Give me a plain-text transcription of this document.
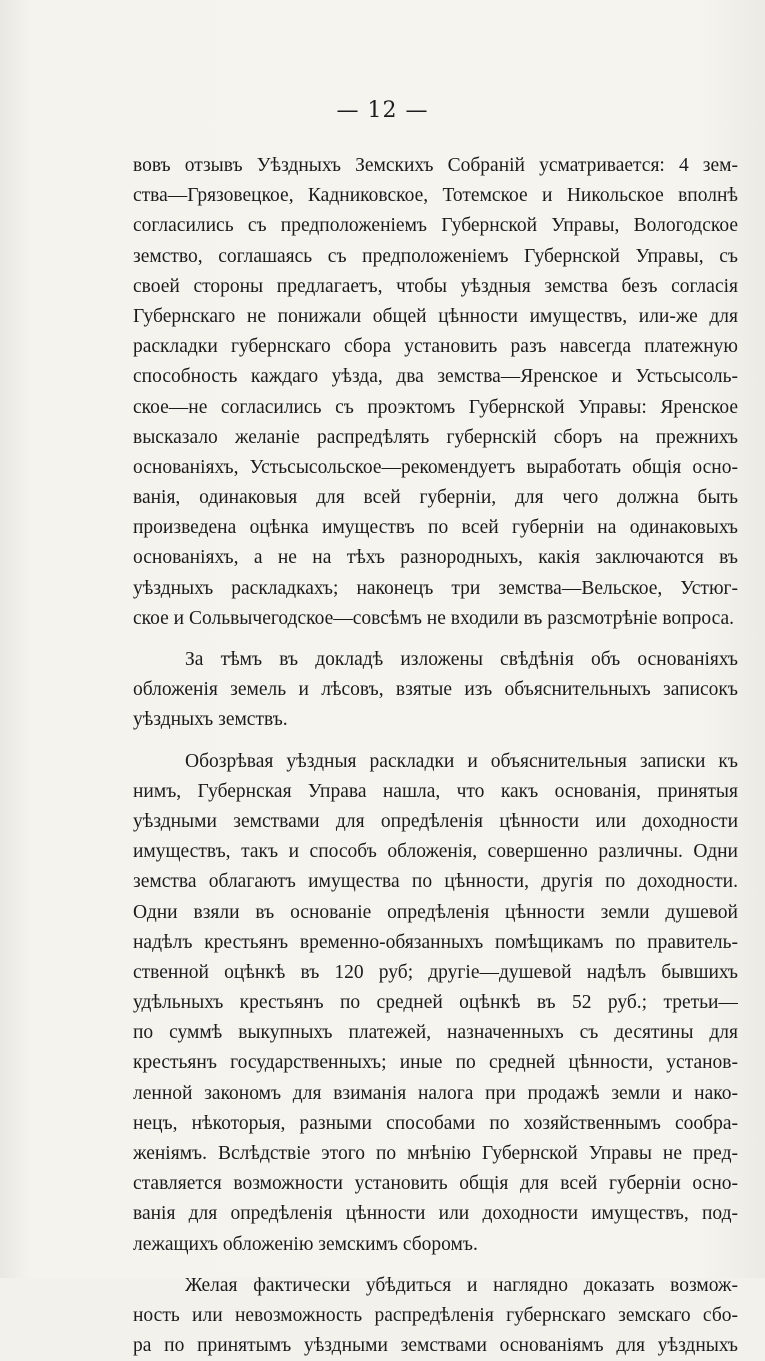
— 12 —
вовъ отзывъ Уѣздныхъ Земскихъ Собраній усматривается: 4 зем-
ства—Грязовецкое, Кадниковское, Тотемское и Никольское вполнѣ
согласились съ предположеніемъ Губернской Управы, Вологодское
земство, соглашаясь съ предположеніемъ Губернской Управы, съ
своей стороны предлагаетъ, чтобы уѣздныя земства безъ согласія
Губернскаго не понижали общей цѣнности имуществъ, или-же для
раскладки губернскаго сбора установить разъ навсегда платежную
способность каждаго уѣзда, два земства—Яренское и Устьсысоль-
ское—не согласились съ проэктомъ Губернской Управы: Яренское
высказало желаніе распредѣлять губернскій сборъ на прежнихъ
основаніяхъ, Устьсысольское—рекомендуетъ выработать общія осно-
ванія, одинаковыя для всей губерніи, для чего должна быть
произведена оцѣнка имуществъ по всей губерніи на одинаковыхъ
основаніяхъ, а не на тѣхъ разнородныхъ, какія заключаются въ
уѣздныхъ раскладкахъ; наконецъ три земства—Вельское, Устюг-
ское и Сольвычегодское—совсѣмъ не входили въ разсмотрѣніе вопроса.
За тѣмъ въ докладѣ изложены свѣдѣнія объ основаніяхъ
обложенія земель и лѣсовъ, взятые изъ объяснительныхъ записокъ
уѣздныхъ земствъ.
Обозрѣвая уѣздныя раскладки и объяснительныя записки къ
нимъ, Губернская Управа нашла, что какъ основанія, принятыя
уѣздными земствами для опредѣленія цѣнности или доходности
имуществъ, такъ и способъ обложенія, совершенно различны. Одни
земства облагаютъ имущества по цѣнности, другія по доходности.
Одни взяли въ основаніе опредѣленія цѣнности земли душевой
надѣлъ крестьянъ временно-обязанныхъ помѣщикамъ по правитель-
ственной оцѣнкѣ въ 120 руб; другіе—душевой надѣлъ бывшихъ
удѣльныхъ крестьянъ по средней оцѣнкѣ въ 52 руб.; третьи—
по суммѣ выкупныхъ платежей, назначенныхъ съ десятины для
крестьянъ государственныхъ; иные по средней цѣнности, установ-
ленной закономъ для взиманія налога при продажѣ земли и нако-
нецъ, нѣкоторыя, разными способами по хозяйственнымъ сообра-
женіямъ. Вслѣдствіе этого по мнѣнію Губернской Управы не пред-
ставляется возможности установить общія для всей губерніи осно-
ванія для опредѣленія цѣнности или доходности имуществъ, под-
лежащихъ обложенію земскимъ сборомъ.
Желая фактически убѣдиться и наглядно доказать возмож-
ность или невозможность распредѣленія губернскаго земскаго сбо-
ра по принятымъ уѣздными земствами основаніямъ для уѣздныхъ
